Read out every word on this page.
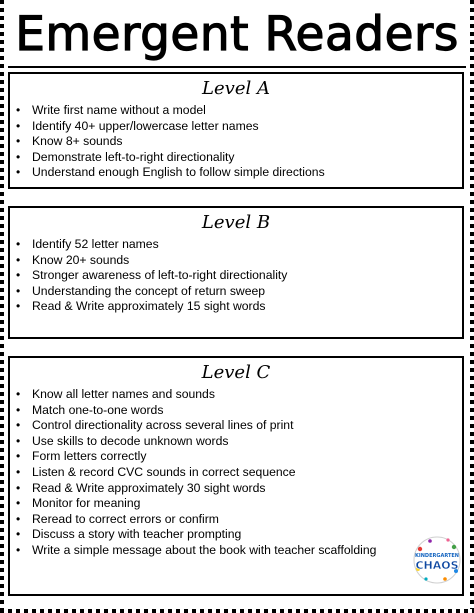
Emergent Readers
Level A
• Write first name without a model
• Identify 40+ upper/lowercase letter names
• Know 8+ sounds
• Demonstrate left-to-right directionality
• Understand enough English to follow simple directions
Level B
• Identify 52 letter names
• Know 20+ sounds
• Stronger awareness of left-to-right directionality
• Understanding the concept of return sweep
• Read & Write approximately 15 sight words
Level C
• Know all letter names and sounds
• Match one-to-one words
• Control directionality across several lines of print
• Use skills to decode unknown words
• Form letters correctly
• Listen & record CVC sounds in correct sequence
• Read & Write approximately 30 sight words
• Monitor for meaning
• Reread to correct errors or confirm
• Discuss a story with teacher prompting
• Write a simple message about the book with teacher scaffolding	KINDERGARTEN
CHAOS
